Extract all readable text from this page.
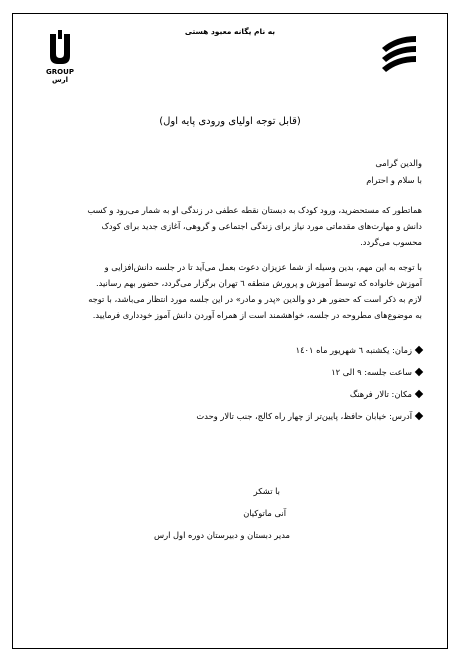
به نام یگانه معبود هستی
GROUP
ارس
(قابل توجه اولیای ورودی پایه اول)
والدین گرامی
با سلام و احترام
هماتطور که مستحضرید، ورود کودک به دبستان نقطه عطفی در زندگی او به شمار می‌رود و کسب
دانش و مهارت‌های مقدماتی مورد نیاز برای زندگی اجتماعی و گروهی، آغازی جدید برای کودک
محسوب می‌گردد.
با توجه به این مهم، بدین وسیله از شما عزیزان دعوت بعمل می‌آید تا در جلسه دانش‌افزایی و
آموزش خانواده که توسط آموزش و پرورش منطقه ٦ تهران برگزار می‌گردد، حضور بهم رسانید.
لازم به ذکر است که حضور هر دو والدین «پدر و مادر» در این جلسه مورد انتظار می‌باشد، با توجه
به موضوع‌های مطروحه در جلسه، خواهشمند است از همراه آوردن دانش آموز خودداری فرمایید.
زمان: یکشنبه ٦ شهریور ماه ١٤٠١
ساعت جلسه: ٩ الی ١٢
مکان: تالار فرهنگ
آدرس: خیابان حافظ، پایین‌تر از چهار راه کالج، جنب تالار وحدت
با تشکر
آنی ماتوکیان
مدیر دبستان و دبیرستان دوره اول ارس
